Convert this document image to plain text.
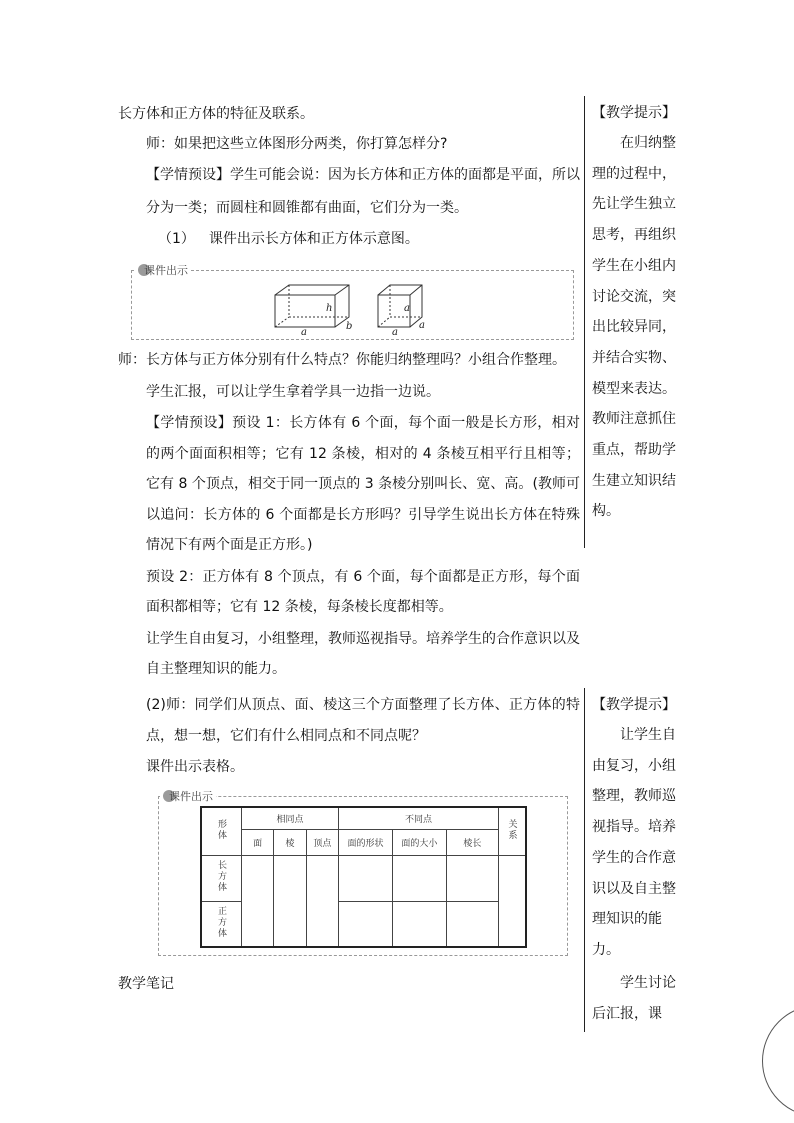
长方体和正方体的特征及联系。
师：如果把这些立体图形分两类，你打算怎样分?
【学情预设】学生可能会说：因为长方体和正方体的面都是平面，所以分为一类；而圆柱和圆锥都有曲面，它们分为一类。
（1） 课件出示长方体和正方体示意图。
课件出示
h
a
b
a
a
a
师：长方体与正方体分别有什么特点？你能归纳整理吗？小组合作整理。
学生汇报，可以让学生拿着学具一边指一边说。
【学情预设】预设 1：长方体有 6 个面，每个面一般是长方形，相对的两个面面积相等；它有 12 条棱，相对的 4 条棱互相平行且相等；它有 8 个顶点，相交于同一顶点的 3 条棱分别叫长、宽、高。(教师可以追问：长方体的 6 个面都是长方形吗？引导学生说出长方体在特殊情况下有两个面是正方形。)
预设 2：正方体有 8 个顶点，有 6 个面，每个面都是正方形，每个面面积都相等；它有 12 条棱，每条棱长度都相等。
让学生自由复习，小组整理，教师巡视指导。培养学生的合作意识以及自主整理知识的能力。
(2)师：同学们从顶点、面、棱这三个方面整理了长方体、正方体的特点，想一想，它们有什么相同点和不同点呢？
课件出示表格。
课件出示
形体	相同点			不同点			关系
	面	棱	顶点	面的形状	面的大小	棱长	
长方体							
正方体							
教学笔记
【教学提示】
在归纳整理的过程中，先让学生独立思考，再组织学生在小组内讨论交流，突出比较异同，并结合实物、模型来表达。教师注意抓住重点，帮助学生建立知识结构。
【教学提示】
让学生自由复习，小组整理，教师巡视指导。培养学生的合作意识以及自主整理知识的能力。
学生讨论后汇报，课
